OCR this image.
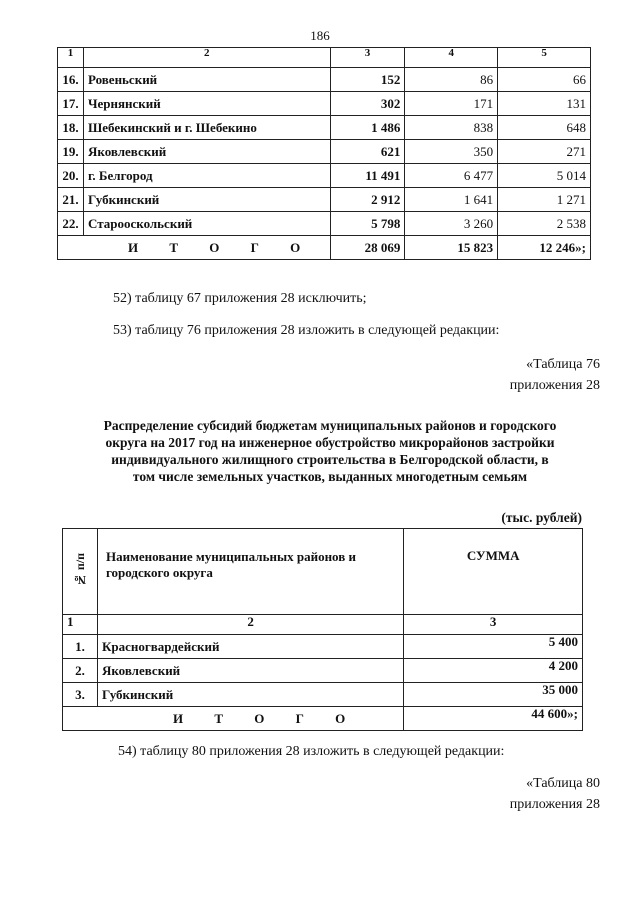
186
1	2	3	4	5
16.	Ровеньский	152	86	66
17.	Чернянский	302	171	131
18.	Шебекинский и г. Шебекино	1 486	838	648
19.	Яковлевский	621	350	271
20.	г. Белгород	11 491	6 477	5 014
21.	Губкинский	2 912	1 641	1 271
22.	Старооскольский	5 798	3 260	2 538
И Т О Г О		28 069	15 823	12 246»;
52) таблицу 67 приложения 28 исключить;
53) таблицу 76 приложения 28 изложить в следующей редакции:
«Таблица 76
приложения 28
Распределение субсидий бюджетам муниципальных районов и городского
округа на 2017 год на инженерное обустройство микрорайонов застройки
индивидуального жилищного строительства в Белгородской области, в
том числе земельных участков, выданных многодетным семьям
(тыс. рублей)
№ п/п	Наименование муниципальных районов и городского округа	СУММА
1	2	3
1.	Красногвардейский	5 400
2.	Яковлевский	4 200
3.	Губкинский	35 000
И Т О Г О		44 600»;
54) таблицу 80 приложения 28 изложить в следующей редакции:
«Таблица 80
приложения 28
